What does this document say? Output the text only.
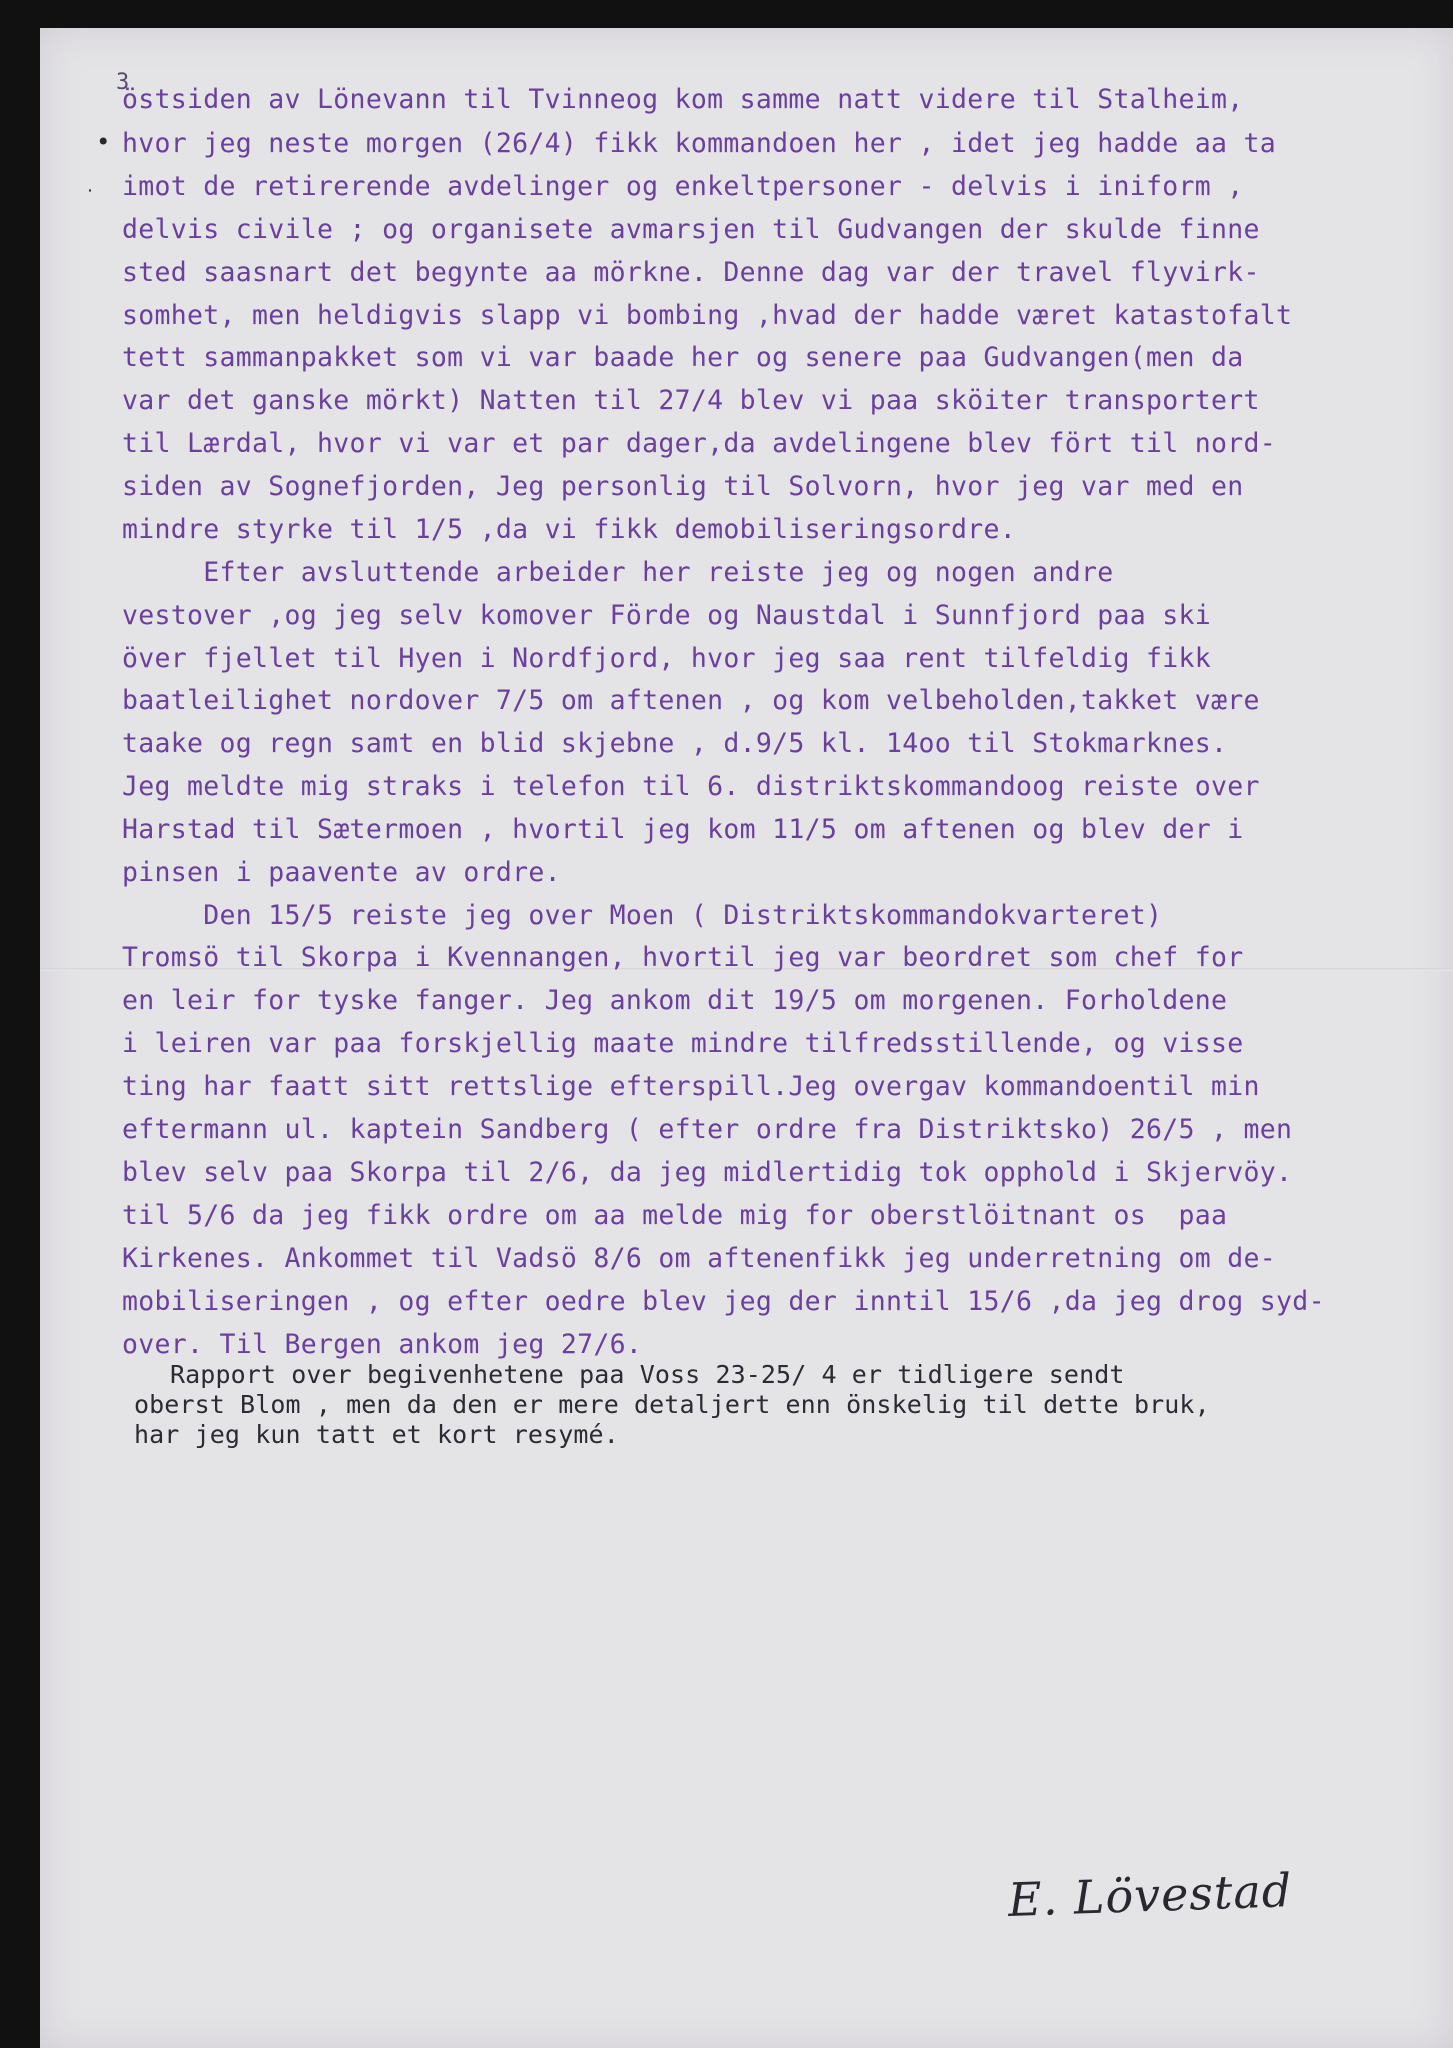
3
•
˙
östsiden av Lönevann til Tvinneog kom samme natt videre til Stalheim,
hvor jeg neste morgen (26/4) fikk kommandoen her , idet jeg hadde aa ta
imot de retirerende avdelinger og enkeltpersoner - delvis i iniform ,
delvis civile ; og organisete avmarsjen til Gudvangen der skulde finne
sted saasnart det begynte aa mörkne. Denne dag var der travel flyvirk-
somhet, men heldigvis slapp vi bombing ,hvad der hadde været katastofalt
tett sammanpakket som vi var baade her og senere paa Gudvangen(men da
var det ganske mörkt) Natten til 27/4 blev vi paa sköiter transportert
til Lærdal, hvor vi var et par dager,da avdelingene blev fört til nord-
siden av Sognefjorden, Jeg personlig til Solvorn, hvor jeg var med en
mindre styrke til 1/5 ,da vi fikk demobiliseringsordre.
Efter avsluttende arbeider her reiste jeg og nogen andre
vestover ,og jeg selv komover Förde og Naustdal i Sunnfjord paa ski
över fjellet til Hyen i Nordfjord, hvor jeg saa rent tilfeldig fikk
baatleilighet nordover 7/5 om aftenen , og kom velbeholden,takket være
taake og regn samt en blid skjebne , d.9/5 kl. 14oo til Stokmarknes.
Jeg meldte mig straks i telefon til 6. distriktskommandoog reiste over
Harstad til Sætermoen , hvortil jeg kom 11/5 om aftenen og blev der i
pinsen i paavente av ordre.
Den 15/5 reiste jeg over Moen ( Distriktskommandokvarteret)
Tromsö til Skorpa i Kvennangen, hvortil jeg var beordret som chef for
en leir for tyske fanger. Jeg ankom dit 19/5 om morgenen. Forholdene
i leiren var paa forskjellig maate mindre tilfredsstillende, og visse
ting har faatt sitt rettslige efterspill.Jeg overgav kommandoentil min
eftermann ul. kaptein Sandberg ( efter ordre fra Distriktsko) 26/5 , men
blev selv paa Skorpa til 2/6, da jeg midlertidig tok opphold i Skjervöy.
til 5/6 da jeg fikk ordre om aa melde mig for oberstlöitnant os  paa
Kirkenes. Ankommet til Vadsö 8/6 om aftenenfikk jeg underretning om de-
mobiliseringen , og efter oedre blev jeg der inntil 15/6 ,da jeg drog syd-
over. Til Bergen ankom jeg 27/6.
Rapport over begivenhetene paa Voss 23-25/ 4 er tidligere sendt
oberst Blom , men da den er mere detaljert enn önskelig til dette bruk,
har jeg kun tatt et kort resymé.
E. Lövestad
